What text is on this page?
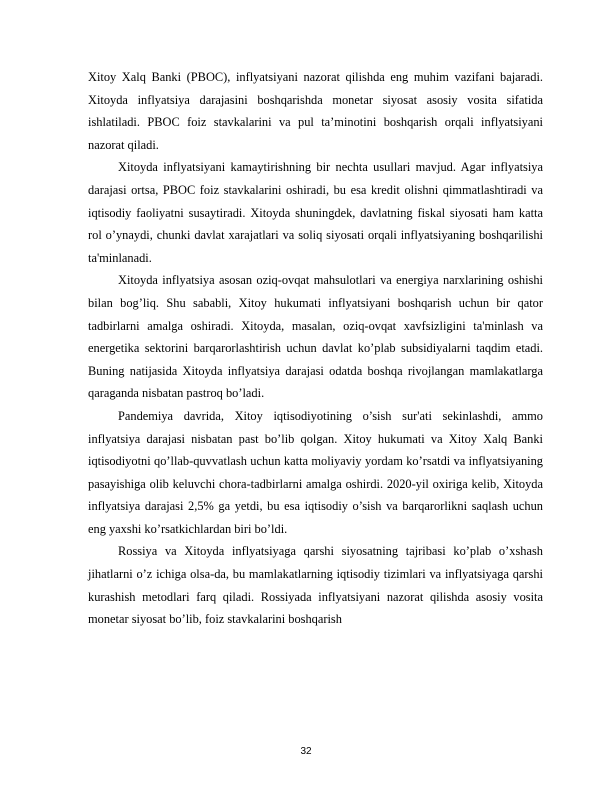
Xitoy Xalq Banki (PBOC), inflyatsiyani nazorat qilishda eng muhim vazifani bajaradi. Xitoyda inflyatsiya darajasini boshqarishda monetar siyosat asosiy vosita sifatida ishlatiladi. PBOC foiz stavkalarini va pul ta’minotini boshqarish orqali inflyatsiyani nazorat qiladi.

Xitoyda inflyatsiyani kamaytirishning bir nechta usullari mavjud. Agar inflyatsiya darajasi ortsa, PBOC foiz stavkalarini oshiradi, bu esa kredit olishni qimmatlashtiradi va iqtisodiy faoliyatni susaytiradi. Xitoyda shuningdek, davlatning fiskal siyosati ham katta rol o’ynaydi, chunki davlat xarajatlari va soliq siyosati orqali inflyatsiyaning boshqarilishi ta'minlanadi.

Xitoyda inflyatsiya asosan oziq-ovqat mahsulotlari va energiya narxlarining oshishi bilan bog’liq. Shu sababli, Xitoy hukumati inflyatsiyani boshqarish uchun bir qator tadbirlarni amalga oshiradi. Xitoyda, masalan, oziq-ovqat xavfsizligini ta'minlash va energetika sektorini barqarorlashtirish uchun davlat ko’plab subsidiyalarni taqdim etadi. Buning natijasida Xitoyda inflyatsiya darajasi odatda boshqa rivojlangan mamlakatlarga qaraganda nisbatan pastroq bo’ladi.

Pandemiya davrida, Xitoy iqtisodiyotining o’sish sur'ati sekinlashdi, ammo inflyatsiya darajasi nisbatan past bo’lib qolgan. Xitoy hukumati va Xitoy Xalq Banki iqtisodiyotni qo’llab-quvvatlash uchun katta moliyaviy yordam ko’rsatdi va inflyatsiyaning pasayishiga olib keluvchi chora-tadbirlarni amalga oshirdi. 2020-yil oxiriga kelib, Xitoyda inflyatsiya darajasi 2,5% ga yetdi, bu esa iqtisodiy o’sish va barqarorlikni saqlash uchun eng yaxshi ko’rsatkichlardan biri bo’ldi.

Rossiya va Xitoyda inflyatsiyaga qarshi siyosatning tajribasi ko’plab o’xshash jihatlarni o’z ichiga olsa-da, bu mamlakatlarning iqtisodiy tizimlari va inflyatsiyaga qarshi kurashish metodlari farq qiladi. Rossiyada inflyatsiyani nazorat qilishda asosiy vosita monetar siyosat bo’lib, foiz stavkalarini boshqarish

32
